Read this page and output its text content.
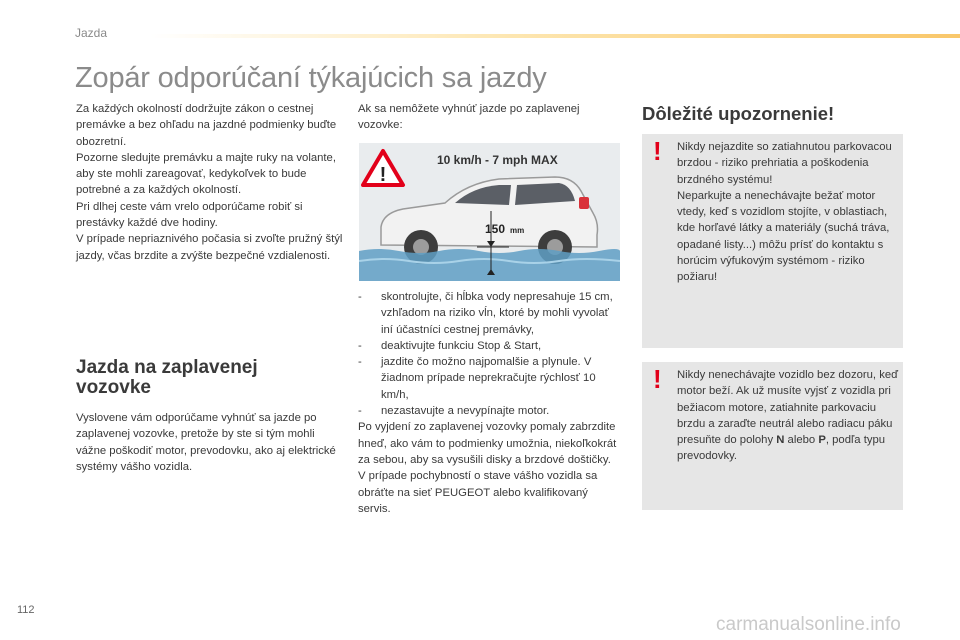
Jazda
Zopár odporúčaní týkajúcich sa jazdy

Za každých okolností dodržujte zákon o cestnej premávke a bez ohľadu na jazdné podmienky buďte obozretní.

Pozorne sledujte premávku a majte ruky na volante, aby ste mohli zareagovať, kedykoľvek to bude potrebné a za každých okolností.

Pri dlhej ceste vám vrelo odporúčame robiť si prestávky každé dve hodiny.

V prípade nepriaznivého počasia si zvoľte pružný štýl jazdy, včas brzdite a zvýšte bezpečné vzdialenosti.

Jazda na zaplavenej vozovke
Vyslovene vám odporúčame vyhnúť sa jazde po zaplavenej vozovke, pretože by ste si tým mohli vážne poškodiť motor, prevodovku, ako aj elektrické systémy vášho vozidla.
Ak sa nemôžete vyhnúť jazde po zaplavenej vozovke:
!
10 km/h - 7 mph MAX
150 mm
-	skontrolujte, či hĺbka vody nepresahuje 15 cm, vzhľadom na riziko vĺn, ktoré by mohli vyvolať iní účastníci cestnej premávky,
-	deaktivujte funkciu Stop & Start,
-	jazdite čo možno najpomalšie a plynule. V žiadnom prípade neprekračujte rýchlosť 10 km/h,
-	nezastavujte a nevypínajte motor.

Po vyjdení zo zaplavenej vozovky pomaly zabrzdite hneď, ako vám to podmienky umožnia, niekoľkokrát za sebou, aby sa vysušili disky a brzdové doštičky.

V prípade pochybností o stave vášho vozidla sa obráťte na sieť PEUGEOT alebo kvalifikovaný servis.

Dôležité upozornenie!
! Nikdy nejazdite so zatiahnutou parkovacou brzdou - riziko prehriatia a poškodenia brzdného systému!
Neparkujte a nenechávajte bežať motor vtedy, keď s vozidlom stojíte, v oblastiach, kde horľavé látky a materiály (suchá tráva, opadané listy...) môžu prísť do kontaktu s horúcim výfukovým systémom - riziko požiaru!
! Nikdy nenechávajte vozidlo bez dozoru, keď motor beží. Ak už musíte vyjsť z vozidla pri bežiacom motore, zatiahnite parkovaciu brzdu a zaraďte neutrál alebo radiacu páku presuňte do polohy N alebo P, podľa typu prevodovky.
112
carmanualsonline.info
